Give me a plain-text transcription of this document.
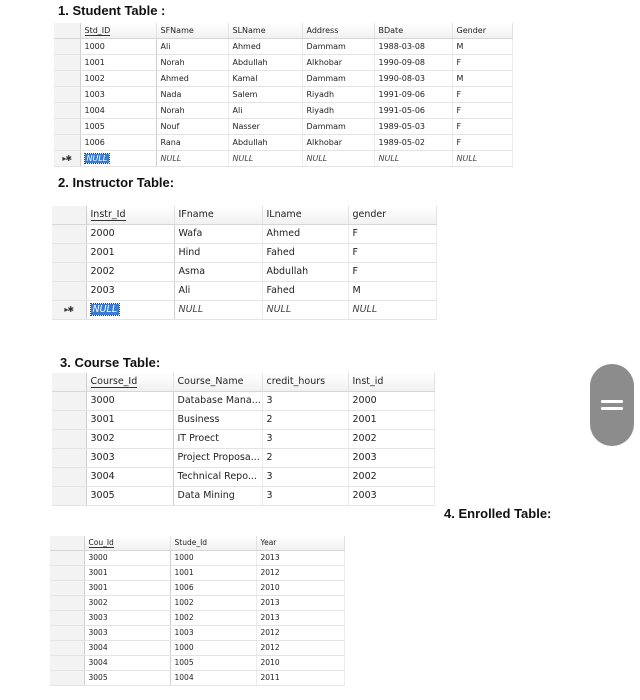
1. Student Table :
	Std_ID	SFName	SLName	Address	BDate	Gender
	1000	Ali	Ahmed	Dammam	1988-03-08	M
	1001	Norah	Abdullah	Alkhobar	1990-09-08	F
	1002	Ahmed	Kamal	Dammam	1990-08-03	M
	1003	Nada	Salem	Riyadh	1991-09-06	F
	1004	Norah	Ali	Riyadh	1991-05-06	F
	1005	Nouf	Nasser	Dammam	1989-05-03	F
	1006	Rana	Abdullah	Alkhobar	1989-05-02	F
▸✱	NULL	NULL	NULL	NULL	NULL	NULL
2. Instructor Table:
	Instr_Id	IFname	ILname	gender
	2000	Wafa	Ahmed	F
	2001	Hind	Fahed	F
	2002	Asma	Abdullah	F
	2003	Ali	Fahed	M
▸✱	NULL	NULL	NULL	NULL
3. Course Table:
	Course_Id	Course_Name	credit_hours	Inst_id
	3000	Database Mana...	3	2000
	3001	Business	2	2001
	3002	IT Proect	3	2002
	3003	Project Proposa...	2	2003
	3004	Technical Repo...	3	2002
	3005	Data Mining	3	2003
4. Enrolled Table:
	Cou_Id	Stude_Id	Year
	3000	1000	2013
	3001	1001	2012
	3001	1006	2010
	3002	1002	2013
	3003	1002	2013
	3003	1003	2012
	3004	1000	2012
	3004	1005	2010
	3005	1004	2011
